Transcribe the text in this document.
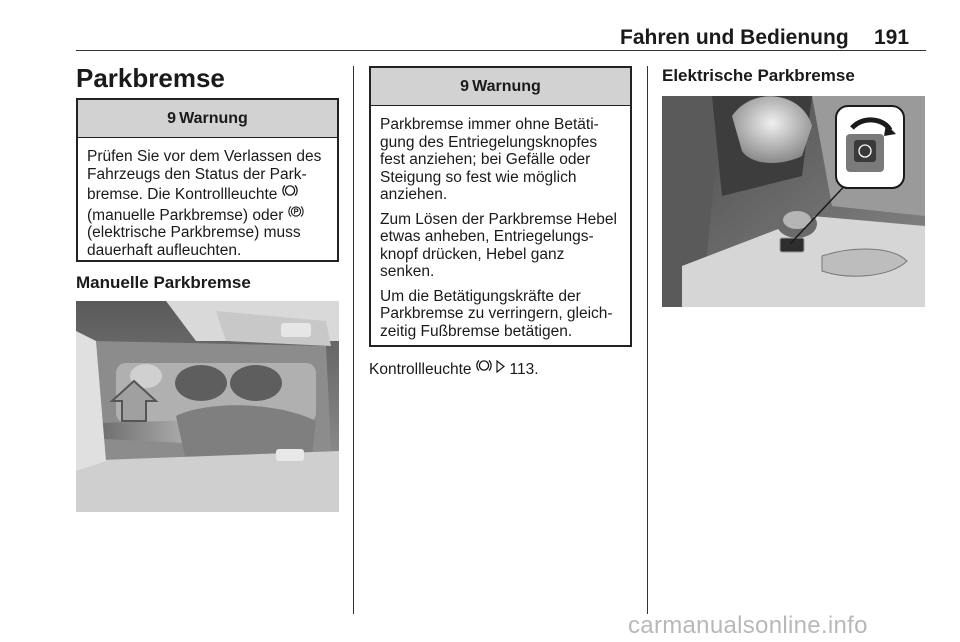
Fahren und Bedienung 191
Parkbremse
9 Warnung
Prüfen Sie vor dem Verlassen des
Fahrzeugs den Status der Park-
bremse. Die Kontrollleuchte
(manuelle Parkbremse) oder
(elektrische Parkbremse) muss
dauerhaft aufleuchten.
Manuelle Parkbremse
9 Warnung

Parkbremse immer ohne Betäti-
gung des Entriegelungsknopfes
fest anziehen; bei Gefälle oder
Steigung so fest wie möglich
anziehen.

Zum Lösen der Parkbremse Hebel
etwas anheben, Entriegelungs-
knopf drücken, Hebel ganz
senken.

Um die Betätigungskräfte der
Parkbremse zu verringern, gleich-
zeitig Fußbremse betätigen.

Kontrollleuchte 113.
Elektrische Parkbremse
carmanualsonline.info
